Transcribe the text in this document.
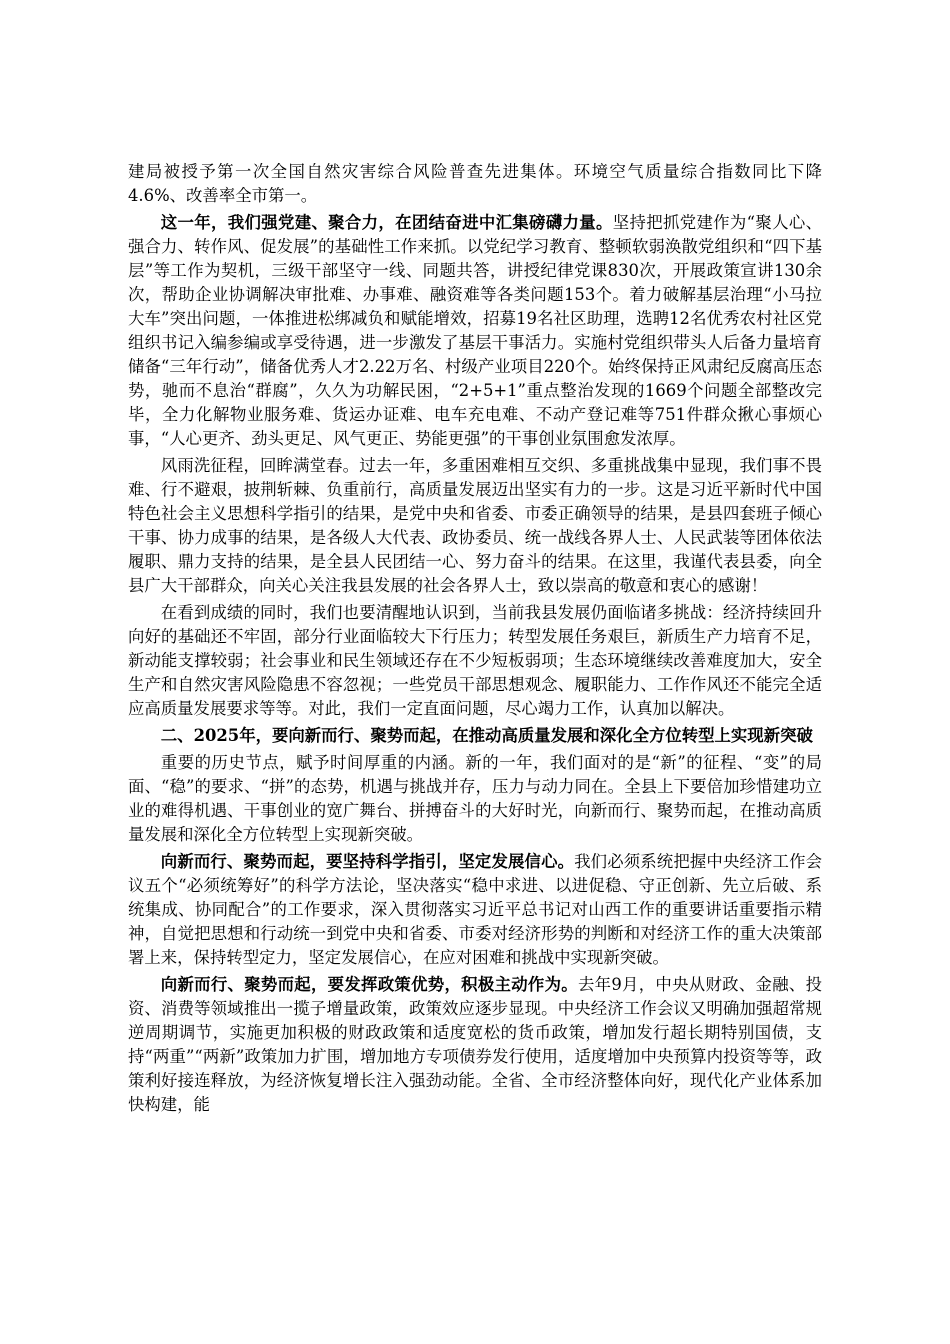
建局被授予第一次全国自然灾害综合风险普查先进集体。环境空气质量综合指数同比下降4.6%、改善率全市第一。

这一年，我们强党建、聚合力，在团结奋进中汇集磅礴力量。坚持把抓党建作为“聚人心、强合力、转作风、促发展”的基础性工作来抓。以党纪学习教育、整顿软弱涣散党组织和“四下基层”等工作为契机，三级干部坚守一线、同题共答，讲授纪律党课830次，开展政策宣讲130余次，帮助企业协调解决审批难、办事难、融资难等各类问题153个。着力破解基层治理“小马拉大车”突出问题，一体推进松绑减负和赋能增效，招募19名社区助理，选聘12名优秀农村社区党组织书记入编参编或享受待遇，进一步激发了基层干事活力。实施村党组织带头人后备力量培育储备“三年行动”，储备优秀人才2.22万名、村级产业项目220个。始终保持正风肃纪反腐高压态势，驰而不息治“群腐”，久久为功解民困，“2+5+1”重点整治发现的1669个问题全部整改完毕，全力化解物业服务难、货运办证难、电车充电难、不动产登记难等751件群众揪心事烦心事，“人心更齐、劲头更足、风气更正、势能更强”的干事创业氛围愈发浓厚。

风雨洗征程，回眸满堂春。过去一年，多重困难相互交织、多重挑战集中显现，我们事不畏难、行不避艰，披荆斩棘、负重前行，高质量发展迈出坚实有力的一步。这是习近平新时代中国特色社会主义思想科学指引的结果，是党中央和省委、市委正确领导的结果，是县四套班子倾心干事、协力成事的结果，是各级人大代表、政协委员、统一战线各界人士、人民武装等团体依法履职、鼎力支持的结果，是全县人民团结一心、努力奋斗的结果。在这里，我谨代表县委，向全县广大干部群众，向关心关注我县发展的社会各界人士，致以崇高的敬意和衷心的感谢！

在看到成绩的同时，我们也要清醒地认识到，当前我县发展仍面临诸多挑战：经济持续回升向好的基础还不牢固，部分行业面临较大下行压力；转型发展任务艰巨，新质生产力培育不足，新动能支撑较弱；社会事业和民生领域还存在不少短板弱项；生态环境继续改善难度加大，安全生产和自然灾害风险隐患不容忽视；一些党员干部思想观念、履职能力、工作作风还不能完全适应高质量发展要求等等。对此，我们一定直面问题，尽心竭力工作，认真加以解决。

二、2025年，要向新而行、聚势而起，在推动高质量发展和深化全方位转型上实现新突破

重要的历史节点，赋予时间厚重的内涵。新的一年，我们面对的是“新”的征程、“变”的局面、“稳”的要求、“拼”的态势，机遇与挑战并存，压力与动力同在。全县上下要倍加珍惜建功立业的难得机遇、干事创业的宽广舞台、拼搏奋斗的大好时光，向新而行、聚势而起，在推动高质量发展和深化全方位转型上实现新突破。

向新而行、聚势而起，要坚持科学指引，坚定发展信心。我们必须系统把握中央经济工作会议五个“必须统筹好”的科学方法论，坚决落实“稳中求进、以进促稳、守正创新、先立后破、系统集成、协同配合”的工作要求，深入贯彻落实习近平总书记对山西工作的重要讲话重要指示精神，自觉把思想和行动统一到党中央和省委、市委对经济形势的判断和对经济工作的重大决策部署上来，保持转型定力，坚定发展信心，在应对困难和挑战中实现新突破。

向新而行、聚势而起，要发挥政策优势，积极主动作为。去年9月，中央从财政、金融、投资、消费等领域推出一揽子增量政策，政策效应逐步显现。中央经济工作会议又明确加强超常规逆周期调节，实施更加积极的财政政策和适度宽松的货币政策，增加发行超长期特别国债，支持“两重”“两新”政策加力扩围，增加地方专项债券发行使用，适度增加中央预算内投资等等，政策利好接连释放，为经济恢复增长注入强劲动能。全省、全市经济整体向好，现代化产业体系加快构建，能
